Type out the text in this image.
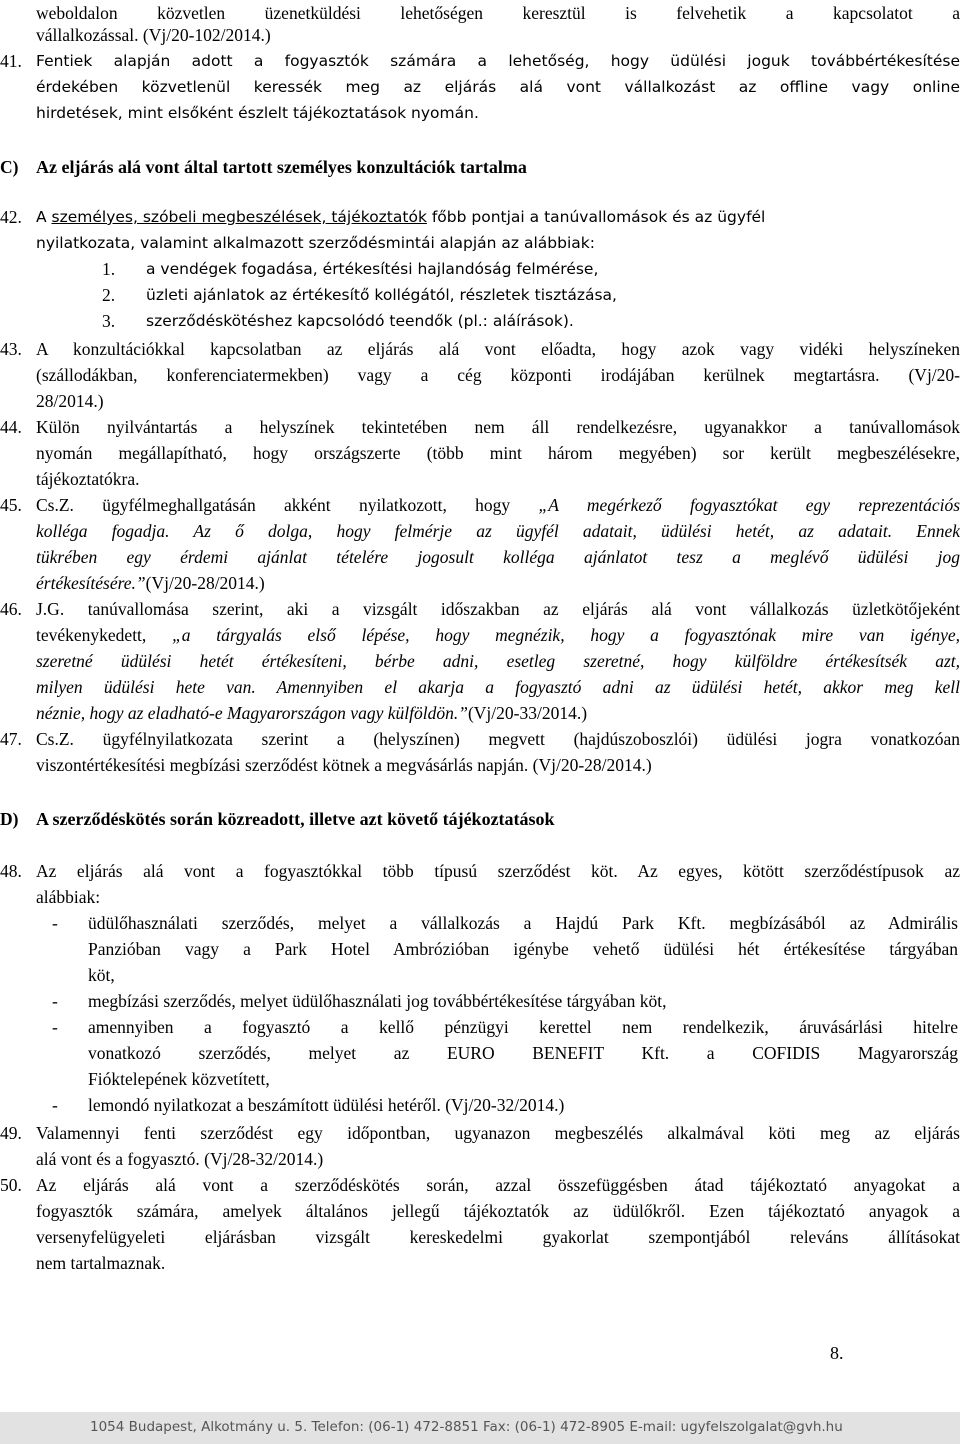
weboldalon közvetlen üzenetküldési lehetőségen keresztül is felvehetik a kapcsolatot a
vállalkozással. (Vj/20-102/2014.)
41. Fentiek alapján adott a fogyasztók számára a lehetőség, hogy üdülési joguk továbbértékesítése
érdekében közvetlenül keressék meg az eljárás alá vont vállalkozást az offline vagy online
hirdetések, mint elsőként észlelt tájékoztatások nyomán.
C) Az eljárás alá vont által tartott személyes konzultációk tartalma
42. A személyes, szóbeli megbeszélések, tájékoztatók főbb pontjai a tanúvallomások és az ügyfél
nyilatkozata, valamint alkalmazott szerződésmintái alapján az alábbiak:
1.	a vendégek fogadása, értékesítési hajlandóság felmérése,
2.	üzleti ajánlatok az értékesítő kollégától, részletek tisztázása,
3.	szerződéskötéshez kapcsolódó teendők (pl.: aláírások).
43. A konzultációkkal kapcsolatban az eljárás alá vont előadta, hogy azok vagy vidéki helyszíneken
(szállodákban, konferenciatermekben) vagy a cég központi irodájában kerülnek megtartásra. (Vj/20-
28/2014.)
44. Külön nyilvántartás a helyszínek tekintetében nem áll rendelkezésre, ugyanakkor a tanúvallomások
nyomán megállapítható, hogy országszerte (több mint három megyében) sor került megbeszélésekre,
tájékoztatókra.
45. Cs.Z. ügyfélmeghallgatásán akként nyilatkozott, hogy „A megérkező fogyasztókat egy reprezentációs
kollégа fogadja. Az ő dolga, hogy felmérje az ügyfél adatait, üdülési hetét, az adatait. Ennek
tükrében egy érdemi ajánlat tételére jogosult kolléga ajánlatot tesz a meglévő üdülési jog
értékesítésére.”(Vj/20-28/2014.)
46. J.G. tanúvallomása szerint, aki a vizsgált időszakban az eljárás alá vont vállalkozás üzletkötőjeként
tevékenykedett, „a tárgyalás első lépése, hogy megnézik, hogy a fogyasztónak mire van igénye,
szeretné üdülési hetét értékesíteni, bérbe adni, esetleg szeretné, hogy külföldre értékesítsék azt,
milyen üdülési hete van. Amennyiben el akarja a fogyasztó adni az üdülési hetét, akkor meg kell
néznie, hogy az eladható-e Magyarországon vagy külföldön.”(Vj/20-33/2014.)
47. Cs.Z. ügyfélnyilatkozata szerint a (helyszínen) megvett (hajdúszoboszlói) üdülési jogra vonatkozóan
viszontértékesítési megbízási szerződést kötnek a megvásárlás napján. (Vj/20-28/2014.)
D) A szerződéskötés során közreadott, illetve azt követő tájékoztatások
48. Az eljárás alá vont a fogyasztókkal több típusú szerződést köt. Az egyes, kötött szerződéstípusok az
alábbiak:
-	üdülőhasználati szerződés, melyet a vállalkozás a Hajdú Park Kft. megbízásából az Admirális
Panzióban vagy a Park Hotel Ambrózióban igénybe vehető üdülési hét értékesítése tárgyában
köt,
-	megbízási szerződés, melyet üdülőhasználati jog továbbértékesítése tárgyában köt,
-	amennyiben a fogyasztó a kellő pénzügyi kerettel nem rendelkezik, áruvásárlási hitelre
vonatkozó szerződés, melyet az EURO BENEFIT Kft. a COFIDIS Magyarország
Fióktelepének közvetített,
-	lemondó nyilatkozat a beszámított üdülési hetéről. (Vj/20-32/2014.)
49. Valamennyi fenti szerződést egy időpontban, ugyanazon megbeszélés alkalmával köti meg az eljárás
alá vont és a fogyasztó. (Vj/28-32/2014.)
50. Az eljárás alá vont a szerződéskötés során, azzal összefüggésben átad tájékoztató anyagokat a
fogyasztók számára, amelyek általános jellegű tájékoztatók az üdülőkről. Ezen tájékoztató anyagok a
versenyfelügyeleti eljárásban vizsgált kereskedelmi gyakorlat szempontjából releváns állításokat
nem tartalmaznak.
8.
1054 Budapest, Alkotmány u. 5. Telefon: (06-1) 472-8851 Fax: (06-1) 472-8905 E-mail: ugyfelszolgalat@gvh.hu
